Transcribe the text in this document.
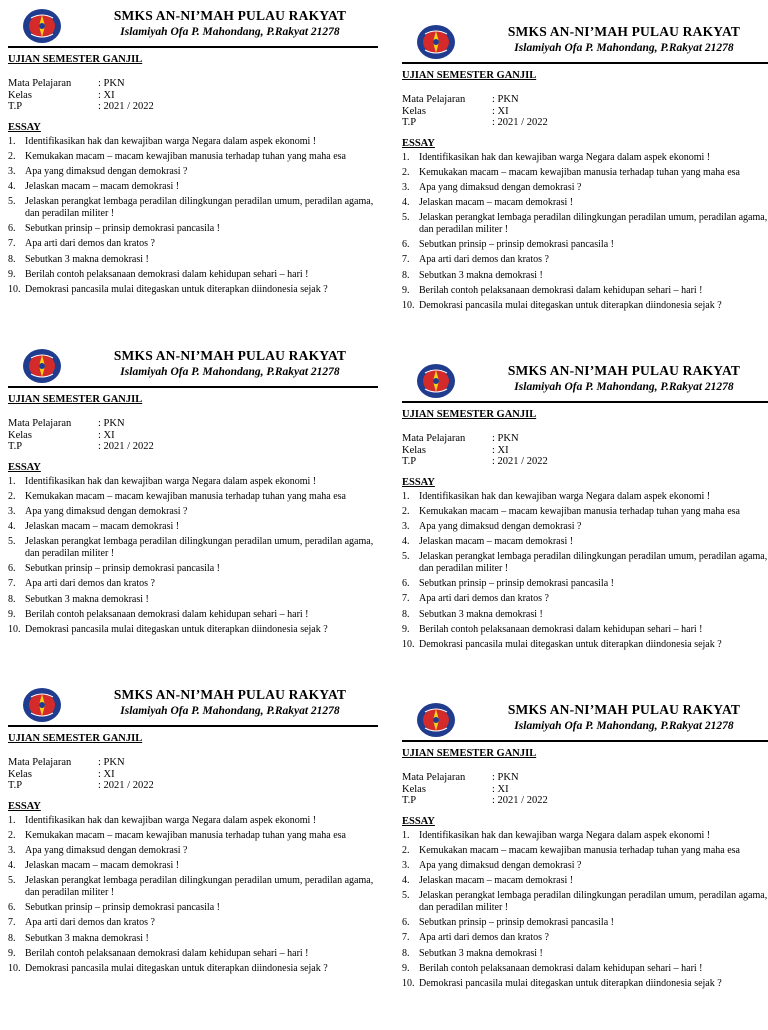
SMKS AN-NI’MAH PULAU RAKYAT
Islamiyah Ofa P. Mahondang, P.Rakyat 21278
UJIAN SEMESTER GANJIL
Mata Pelajaran	: PKN
Kelas	: XI
T.P	: 2021 / 2022
ESSAY
1. Identifikasikan hak dan kewajiban warga Negara dalam aspek ekonomi !
2. Kemukakan macam – macam kewajiban manusia terhadap tuhan yang maha esa
3. Apa yang dimaksud dengan demokrasi ?
4. Jelaskan macam – macam demokrasi !
5. Jelaskan perangkat lembaga peradilan dilingkungan peradilan umum, peradilan agama, dan peradilan militer !
6. Sebutkan prinsip – prinsip demokrasi pancasila !
7. Apa arti dari demos dan kratos ?
8. Sebutkan 3 makna demokrasi !
9. Berilah contoh pelaksanaan demokrasi dalam kehidupan sehari – hari !
10. Demokrasi pancasila mulai ditegaskan untuk diterapkan diindonesia sejak ?
SMKS AN-NI’MAH PULAU RAKYAT
Islamiyah Ofa P. Mahondang, P.Rakyat 21278
UJIAN SEMESTER GANJIL
Mata Pelajaran	: PKN
Kelas	: XI
T.P	: 2021 / 2022
ESSAY
1. Identifikasikan hak dan kewajiban warga Negara dalam aspek ekonomi !
2. Kemukakan macam – macam kewajiban manusia terhadap tuhan yang maha esa
3. Apa yang dimaksud dengan demokrasi ?
4. Jelaskan macam – macam demokrasi !
5. Jelaskan perangkat lembaga peradilan dilingkungan peradilan umum, peradilan agama, dan peradilan militer !
6. Sebutkan prinsip – prinsip demokrasi pancasila !
7. Apa arti dari demos dan kratos ?
8. Sebutkan 3 makna demokrasi !
9. Berilah contoh pelaksanaan demokrasi dalam kehidupan sehari – hari !
10. Demokrasi pancasila mulai ditegaskan untuk diterapkan diindonesia sejak ?
SMKS AN-NI’MAH PULAU RAKYAT
Islamiyah Ofa P. Mahondang, P.Rakyat 21278
UJIAN SEMESTER GANJIL
Mata Pelajaran	: PKN
Kelas	: XI
T.P	: 2021 / 2022
ESSAY
1. Identifikasikan hak dan kewajiban warga Negara dalam aspek ekonomi !
2. Kemukakan macam – macam kewajiban manusia terhadap tuhan yang maha esa
3. Apa yang dimaksud dengan demokrasi ?
4. Jelaskan macam – macam demokrasi !
5. Jelaskan perangkat lembaga peradilan dilingkungan peradilan umum, peradilan agama, dan peradilan militer !
6. Sebutkan prinsip – prinsip demokrasi pancasila !
7. Apa arti dari demos dan kratos ?
8. Sebutkan 3 makna demokrasi !
9. Berilah contoh pelaksanaan demokrasi dalam kehidupan sehari – hari !
10. Demokrasi pancasila mulai ditegaskan untuk diterapkan diindonesia sejak ?
SMKS AN-NI’MAH PULAU RAKYAT
Islamiyah Ofa P. Mahondang, P.Rakyat 21278
UJIAN SEMESTER GANJIL
Mata Pelajaran	: PKN
Kelas	: XI
T.P	: 2021 / 2022
ESSAY
1. Identifikasikan hak dan kewajiban warga Negara dalam aspek ekonomi !
2. Kemukakan macam – macam kewajiban manusia terhadap tuhan yang maha esa
3. Apa yang dimaksud dengan demokrasi ?
4. Jelaskan macam – macam demokrasi !
5. Jelaskan perangkat lembaga peradilan dilingkungan peradilan umum, peradilan agama, dan peradilan militer !
6. Sebutkan prinsip – prinsip demokrasi pancasila !
7. Apa arti dari demos dan kratos ?
8. Sebutkan 3 makna demokrasi !
9. Berilah contoh pelaksanaan demokrasi dalam kehidupan sehari – hari !
10. Demokrasi pancasila mulai ditegaskan untuk diterapkan diindonesia sejak ?
SMKS AN-NI’MAH PULAU RAKYAT
Islamiyah Ofa P. Mahondang, P.Rakyat 21278
UJIAN SEMESTER GANJIL
Mata Pelajaran	: PKN
Kelas	: XI
T.P	: 2021 / 2022
ESSAY
1. Identifikasikan hak dan kewajiban warga Negara dalam aspek ekonomi !
2. Kemukakan macam – macam kewajiban manusia terhadap tuhan yang maha esa
3. Apa yang dimaksud dengan demokrasi ?
4. Jelaskan macam – macam demokrasi !
5. Jelaskan perangkat lembaga peradilan dilingkungan peradilan umum, peradilan agama, dan peradilan militer !
6. Sebutkan prinsip – prinsip demokrasi pancasila !
7. Apa arti dari demos dan kratos ?
8. Sebutkan 3 makna demokrasi !
9. Berilah contoh pelaksanaan demokrasi dalam kehidupan sehari – hari !
10. Demokrasi pancasila mulai ditegaskan untuk diterapkan diindonesia sejak ?
SMKS AN-NI’MAH PULAU RAKYAT
Islamiyah Ofa P. Mahondang, P.Rakyat 21278
UJIAN SEMESTER GANJIL
Mata Pelajaran	: PKN
Kelas	: XI
T.P	: 2021 / 2022
ESSAY
1. Identifikasikan hak dan kewajiban warga Negara dalam aspek ekonomi !
2. Kemukakan macam – macam kewajiban manusia terhadap tuhan yang maha esa
3. Apa yang dimaksud dengan demokrasi ?
4. Jelaskan macam – macam demokrasi !
5. Jelaskan perangkat lembaga peradilan dilingkungan peradilan umum, peradilan agama, dan peradilan militer !
6. Sebutkan prinsip – prinsip demokrasi pancasila !
7. Apa arti dari demos dan kratos ?
8. Sebutkan 3 makna demokrasi !
9. Berilah contoh pelaksanaan demokrasi dalam kehidupan sehari – hari !
10. Demokrasi pancasila mulai ditegaskan untuk diterapkan diindonesia sejak ?
